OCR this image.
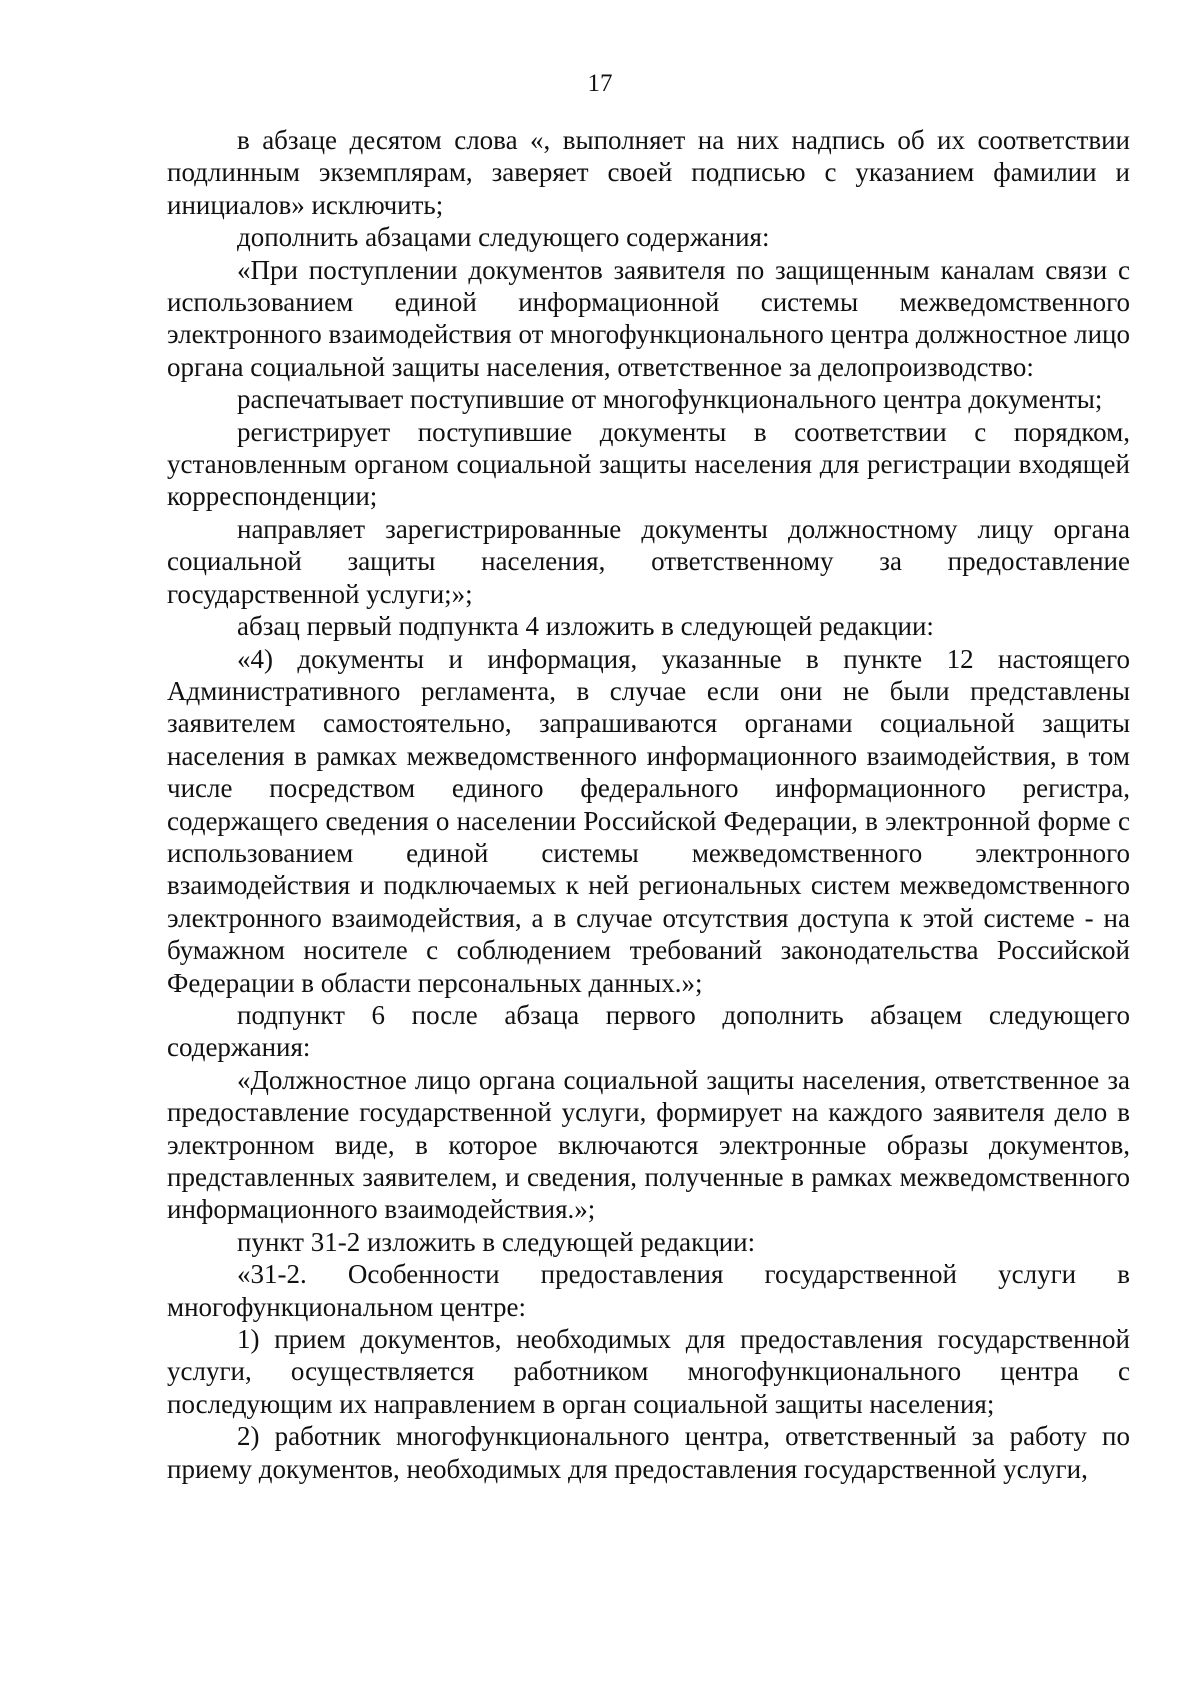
17

в абзаце десятом слова «, выполняет на них надпись об их соответствии подлинным экземплярам, заверяет своей подписью с указанием фамилии и инициалов» исключить;

дополнить абзацами следующего содержания:

«При поступлении документов заявителя по защищенным каналам связи с использованием единой информационной системы межведомственного электронного взаимодействия от многофункционального центра должностное лицо органа социальной защиты населения, ответственное за делопроизводство:

распечатывает поступившие от многофункционального центра документы;

регистрирует поступившие документы в соответствии с порядком, установленным органом социальной защиты населения для регистрации входящей корреспонденции;

направляет зарегистрированные документы должностному лицу органа социальной защиты населения, ответственному за предоставление государственной услуги;»;

абзац первый подпункта 4 изложить в следующей редакции:

«4) документы и информация, указанные в пункте 12 настоящего Административного регламента, в случае если они не были представлены заявителем самостоятельно, запрашиваются органами социальной защиты населения в рамках межведомственного информационного взаимодействия, в том числе посредством единого федерального информационного регистра, содержащего сведения о населении Российской Федерации, в электронной форме с использованием единой системы межведомственного электронного взаимодействия и подключаемых к ней региональных систем межведомственного электронного взаимодействия, а в случае отсутствия доступа к этой системе - на бумажном носителе с соблюдением требований законодательства Российской Федерации в области персональных данных.»;

подпункт 6 после абзаца первого дополнить абзацем следующего содержания:

«Должностное лицо органа социальной защиты населения, ответственное за предоставление государственной услуги, формирует на каждого заявителя дело в электронном виде, в которое включаются электронные образы документов, представленных заявителем, и сведения, полученные в рамках межведомственного информационного взаимодействия.»;

пункт 31-2 изложить в следующей редакции:

«31-2. Особенности предоставления государственной услуги в многофункциональном центре:

1) прием документов, необходимых для предоставления государственной услуги, осуществляется работником многофункционального центра с последующим их направлением в орган социальной защиты населения;

2) работник многофункционального центра, ответственный за работу по приему документов, необходимых для предоставления государственной услуги,
